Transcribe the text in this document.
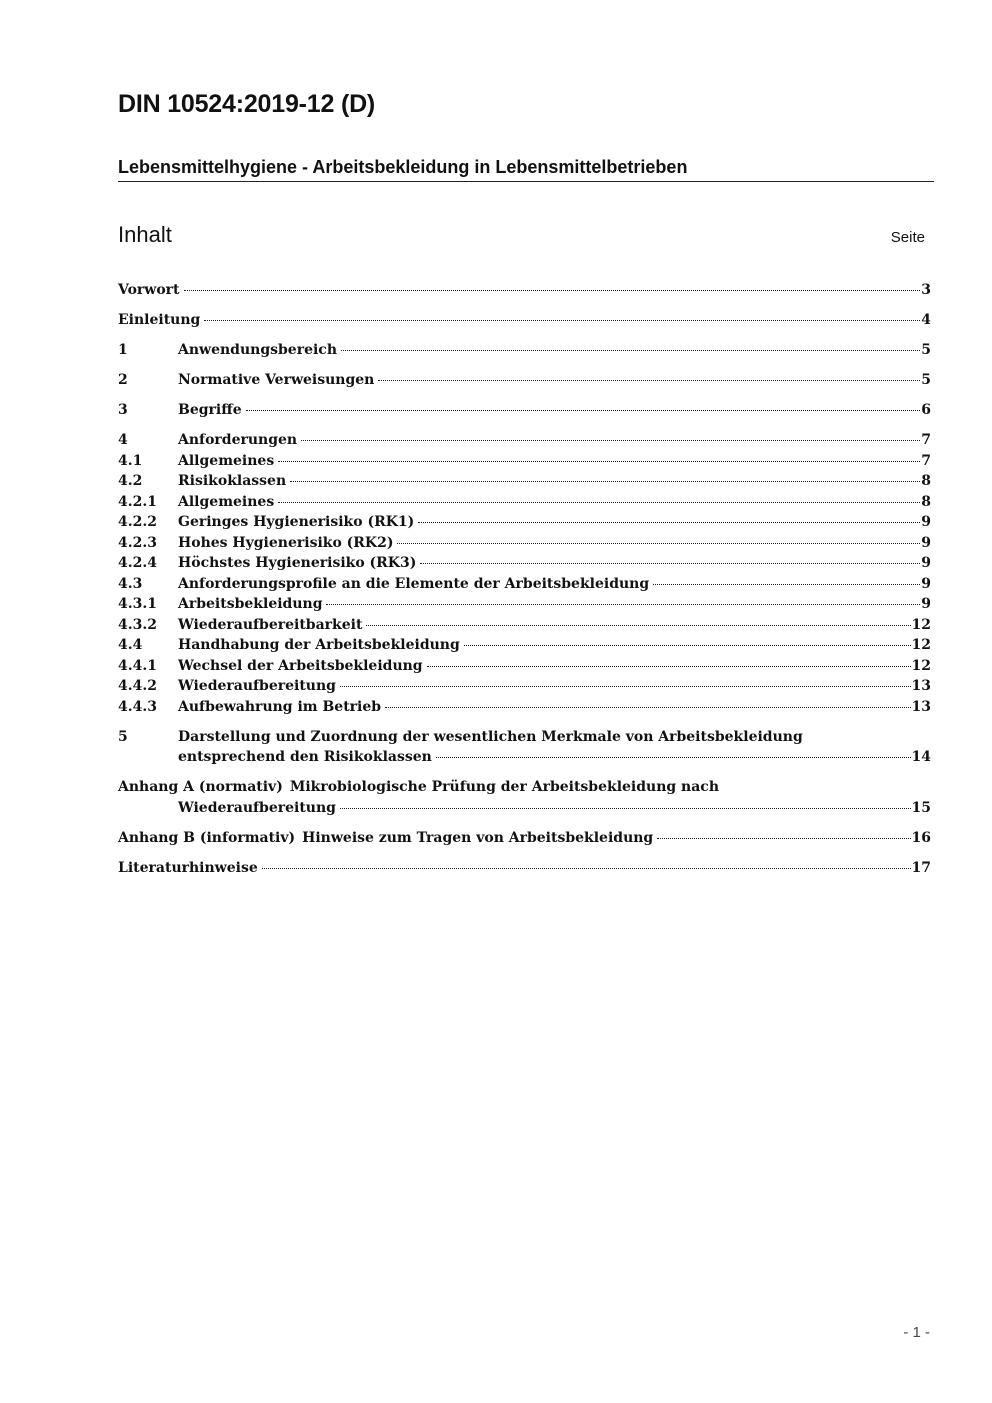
DIN 10524:2019-12 (D)
Lebensmittelhygiene - Arbeitsbekleidung in Lebensmittelbetrieben
Inhalt	Seite
Vorwort	3
Einleitung	4
1	Anwendungsbereich	5
2	Normative Verweisungen	5
3	Begriffe	6
4	Anforderungen	7
4.1	Allgemeines	7
4.2	Risikoklassen	8
4.2.1	Allgemeines	8
4.2.2	Geringes Hygienerisiko (RK1)	9
4.2.3	Hohes Hygienerisiko (RK2)	9
4.2.4	Höchstes Hygienerisiko (RK3)	9
4.3	Anforderungsprofile an die Elemente der Arbeitsbekleidung	9
4.3.1	Arbeitsbekleidung	9
4.3.2	Wiederaufbereitbarkeit	12
4.4	Handhabung der Arbeitsbekleidung	12
4.4.1	Wechsel der Arbeitsbekleidung	12
4.4.2	Wiederaufbereitung	13
4.4.3	Aufbewahrung im Betrieb	13
5	Darstellung und Zuordnung der wesentlichen Merkmale von Arbeitsbekleidung
entsprechend den Risikoklassen	14
Anhang A (normativ) Mikrobiologische Prüfung der Arbeitsbekleidung nach
Wiederaufbereitung	15
Anhang B (informativ) Hinweise zum Tragen von Arbeitsbekleidung	16
Literaturhinweise	17
- 1 -
